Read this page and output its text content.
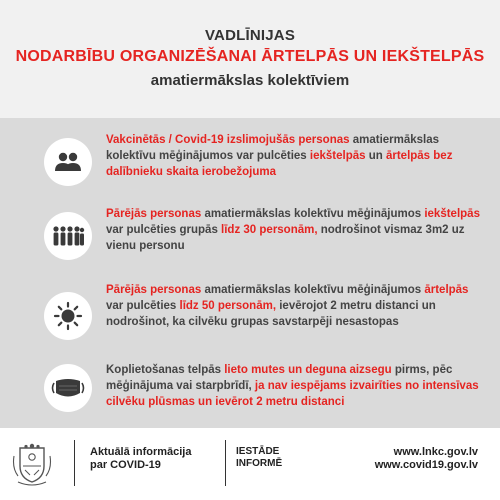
VADLĪNIJAS
NODARBĪBU ORGANIZĒŠANAI ĀRTELPĀS UN IEKŠTELPĀS
amatiermākslas kolektīviem
Vakcinētās / Covid-19 izslimojušās personas amatiermākslas kolektīvu mēģinājumos var pulcēties iekštelpās un ārtelpās bez dalībnieku skaita ierobežojuma
Pārējās personas amatiermākslas kolektīvu mēģinājumos iekštelpās var pulcēties grupās līdz 30 personām, nodrošinot vismaz 3m2 uz vienu personu
Pārējās personas amatiermākslas kolektīvu mēģinājumos ārtelpās var pulcēties līdz 50 personām, ievērojot 2 metru distanci un nodrošinot, ka cilvēku grupas savstarpēji nesastopas
Koplietošanas telpās lieto mutes un deguna aizsegu pirms, pēc mēģinājuma vai starpbrīdī, ja nav iespējams izvairīties no intensīvas cilvēku plūsmas un ievērot 2 metru distanci
Aktuālā informācija
par COVID-19
IESTĀDE
INFORMĒ
www.lnkc.gov.lv
www.covid19.gov.lv
